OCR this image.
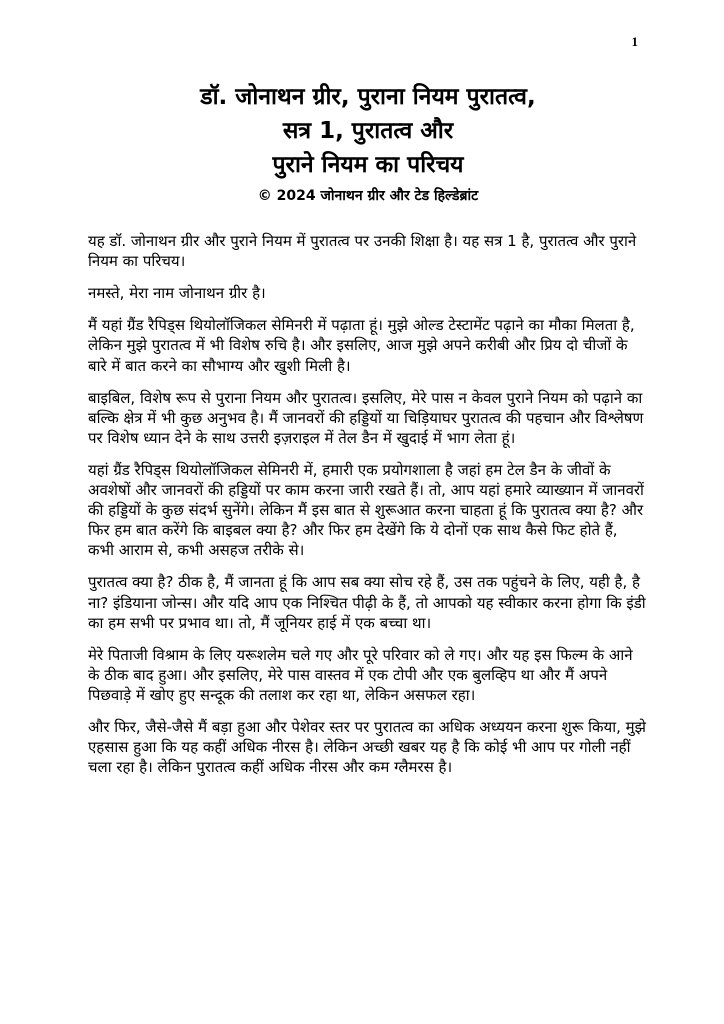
1
डॉ. जोनाथन ग्रीर, पुराना नियम पुरातत्व,
सत्र 1, पुरातत्व और
पुराने नियम का परिचय
© 2024 जोनाथन ग्रीर और टेड हिल्डेब्रांट

यह डॉ. जोनाथन ग्रीर और पुराने नियम में पुरातत्व पर उनकी शिक्षा है। यह सत्र 1 है, पुरातत्व और पुराने नियम का परिचय।

नमस्ते, मेरा नाम जोनाथन ग्रीर है।

मैं यहां ग्रैंड रैपिड्स थियोलॉजिकल सेमिनरी में पढ़ाता हूं। मुझे ओल्ड टेस्टामेंट पढ़ाने का मौका मिलता है, लेकिन मुझे पुरातत्व में भी विशेष रुचि है। और इसलिए, आज मुझे अपने करीबी और प्रिय दो चीजों के बारे में बात करने का सौभाग्य और खुशी मिली है।

बाइबिल, विशेष रूप से पुराना नियम और पुरातत्व। इसलिए, मेरे पास न केवल पुराने नियम को पढ़ाने का बल्कि क्षेत्र में भी कुछ अनुभव है। मैं जानवरों की हड्डियों या चिड़ियाघर पुरातत्व की पहचान और विश्लेषण पर विशेष ध्यान देने के साथ उत्तरी इज़राइल में तेल डैन में खुदाई में भाग लेता हूं।

यहां ग्रैंड रैपिड्स थियोलॉजिकल सेमिनरी में, हमारी एक प्रयोगशाला है जहां हम टेल डैन के जीवों के अवशेषों और जानवरों की हड्डियों पर काम करना जारी रखते हैं। तो, आप यहां हमारे व्याख्यान में जानवरों की हड्डियों के कुछ संदर्भ सुनेंगे। लेकिन मैं इस बात से शुरूआत करना चाहता हूं कि पुरातत्व क्या है? और फिर हम बात करेंगे कि बाइबल क्या है? और फिर हम देखेंगे कि ये दोनों एक साथ कैसे फिट होते हैं, कभी आराम से, कभी असहज तरीके से।

पुरातत्व क्या है? ठीक है, मैं जानता हूं कि आप सब क्या सोच रहे हैं, उस तक पहुंचने के लिए, यही है, है ना? इंडियाना जोन्स। और यदि आप एक निश्चित पीढ़ी के हैं, तो आपको यह स्वीकार करना होगा कि इंडी का हम सभी पर प्रभाव था। तो, मैं जूनियर हाई में एक बच्चा था।

मेरे पिताजी विश्राम के लिए यरूशलेम चले गए और पूरे परिवार को ले गए। और यह इस फिल्म के आने के ठीक बाद हुआ। और इसलिए, मेरे पास वास्तव में एक टोपी और एक बुलव्हिप था और मैं अपने पिछवाड़े में खोए हुए सन्दूक की तलाश कर रहा था, लेकिन असफल रहा।

और फिर, जैसे-जैसे मैं बड़ा हुआ और पेशेवर स्तर पर पुरातत्व का अधिक अध्ययन करना शुरू किया, मुझे एहसास हुआ कि यह कहीं अधिक नीरस है। लेकिन अच्छी खबर यह है कि कोई भी आप पर गोली नहीं चला रहा है। लेकिन पुरातत्व कहीं अधिक नीरस और कम ग्लैमरस है।
